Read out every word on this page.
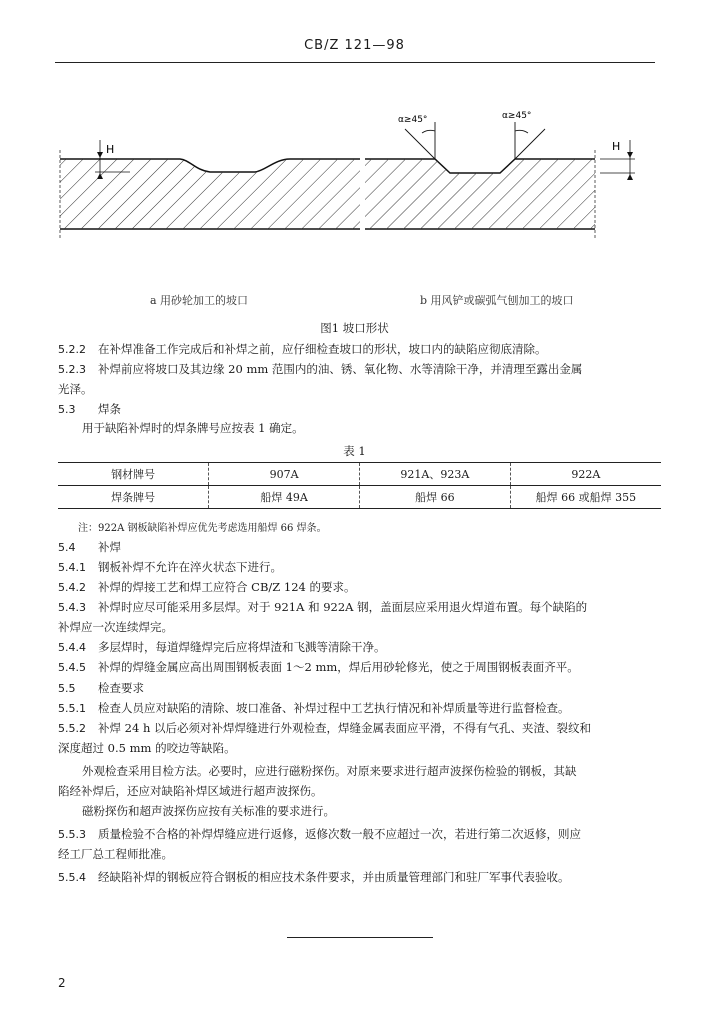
CB/Z 121—98
H
α≥45°	α≥45°
H
a 用砂轮加工的坡口	b 用风铲或碳弧气刨加工的坡口
图1 坡口形状
5.2.2 在补焊准备工作完成后和补焊之前，应仔细检查坡口的形状，坡口内的缺陷应彻底清除。
5.2.3 补焊前应将坡口及其边缘 20 mm 范围内的油、锈、氧化物、水等清除干净，并清理至露出金属
光泽。
5.3 焊条
用于缺陷补焊时的焊条牌号应按表 1 确定。
表 1
钢材牌号	907A	921A、923A	922A
焊条牌号	船焊 49A	船焊 66	船焊 66 或船焊 355
注：922A 钢板缺陷补焊应优先考虑选用船焊 66 焊条。
5.4 补焊
5.4.1 钢板补焊不允许在淬火状态下进行。
5.4.2 补焊的焊接工艺和焊工应符合 CB/Z 124 的要求。
5.4.3 补焊时应尽可能采用多层焊。对于 921A 和 922A 钢，盖面层应采用退火焊道布置。每个缺陷的
补焊应一次连续焊完。
5.4.4 多层焊时，每道焊缝焊完后应将焊渣和飞溅等清除干净。
5.4.5 补焊的焊缝金属应高出周围钢板表面 1～2 mm，焊后用砂轮修光，使之于周围钢板表面齐平。
5.5 检查要求
5.5.1 检查人员应对缺陷的清除、坡口准备、补焊过程中工艺执行情况和补焊质量等进行监督检查。
5.5.2 补焊 24 h 以后必须对补焊焊缝进行外观检查，焊缝金属表面应平滑，不得有气孔、夹渣、裂纹和
深度超过 0.5 mm 的咬边等缺陷。
外观检查采用目检方法。必要时，应进行磁粉探伤。对原来要求进行超声波探伤检验的钢板，其缺
陷经补焊后，还应对缺陷补焊区域进行超声波探伤。
磁粉探伤和超声波探伤应按有关标准的要求进行。
5.5.3 质量检验不合格的补焊焊缝应进行返修，返修次数一般不应超过一次，若进行第二次返修，则应
经工厂总工程师批准。
5.5.4 经缺陷补焊的钢板应符合钢板的相应技术条件要求，并由质量管理部门和驻厂军事代表验收。
2
